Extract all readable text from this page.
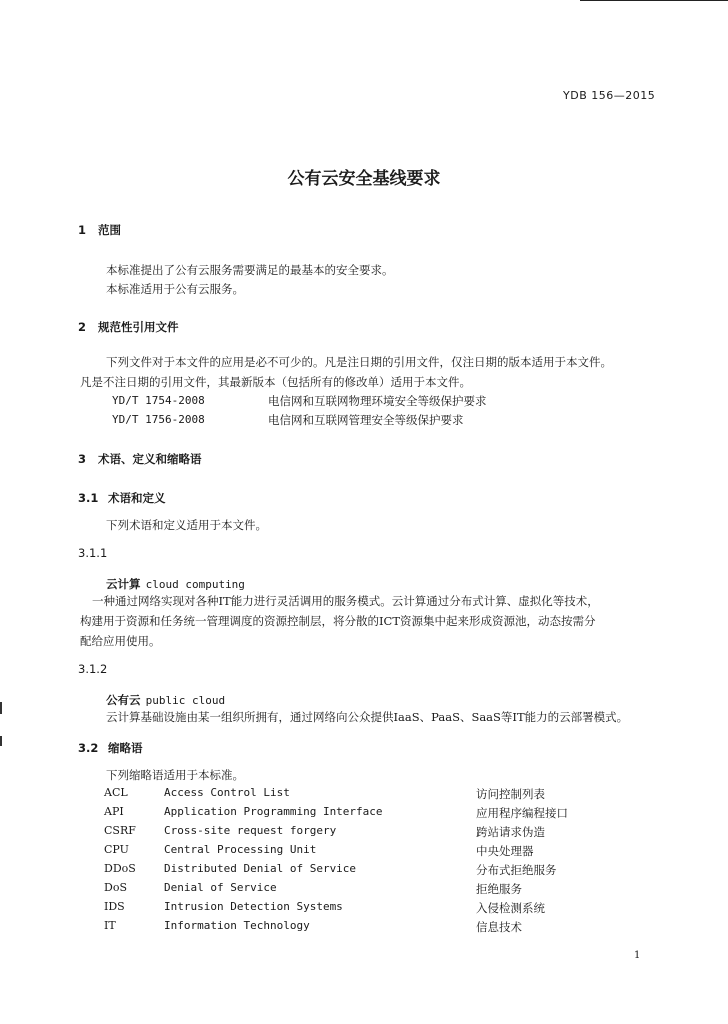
YDB 156—2015
公有云安全基线要求
1 范围
本标准提出了公有云服务需要满足的最基本的安全要求。
本标准适用于公有云服务。
2 规范性引用文件
下列文件对于本文件的应用是必不可少的。凡是注日期的引用文件，仅注日期的版本适用于本文件。
凡是不注日期的引用文件，其最新版本（包括所有的修改单）适用于本文件。
YD/T 1754-2008	电信网和互联网物理环境安全等级保护要求
YD/T 1756-2008	电信网和互联网管理安全等级保护要求
3 术语、定义和缩略语
3.1 术语和定义
下列术语和定义适用于本文件。
3.1.1
云计算 cloud computing
一种通过网络实现对各种IT能力进行灵活调用的服务模式。云计算通过分布式计算、虚拟化等技术，
构建用于资源和任务统一管理调度的资源控制层，将分散的ICT资源集中起来形成资源池，动态按需分
配给应用使用。
3.1.2
公有云 public cloud
云计算基础设施由某一组织所拥有，通过网络向公众提供IaaS、PaaS、SaaS等IT能力的云部署模式。
3.2 缩略语
下列缩略语适用于本标准。
ACL	Access Control List	访问控制列表
API	Application Programming Interface	应用程序编程接口
CSRF	Cross-site request forgery	跨站请求伪造
CPU	Central Processing Unit	中央处理器
DDoS	Distributed Denial of Service	分布式拒绝服务
DoS	Denial of Service	拒绝服务
IDS	Intrusion Detection Systems	入侵检测系统
IT	Information Technology	信息技术
1
